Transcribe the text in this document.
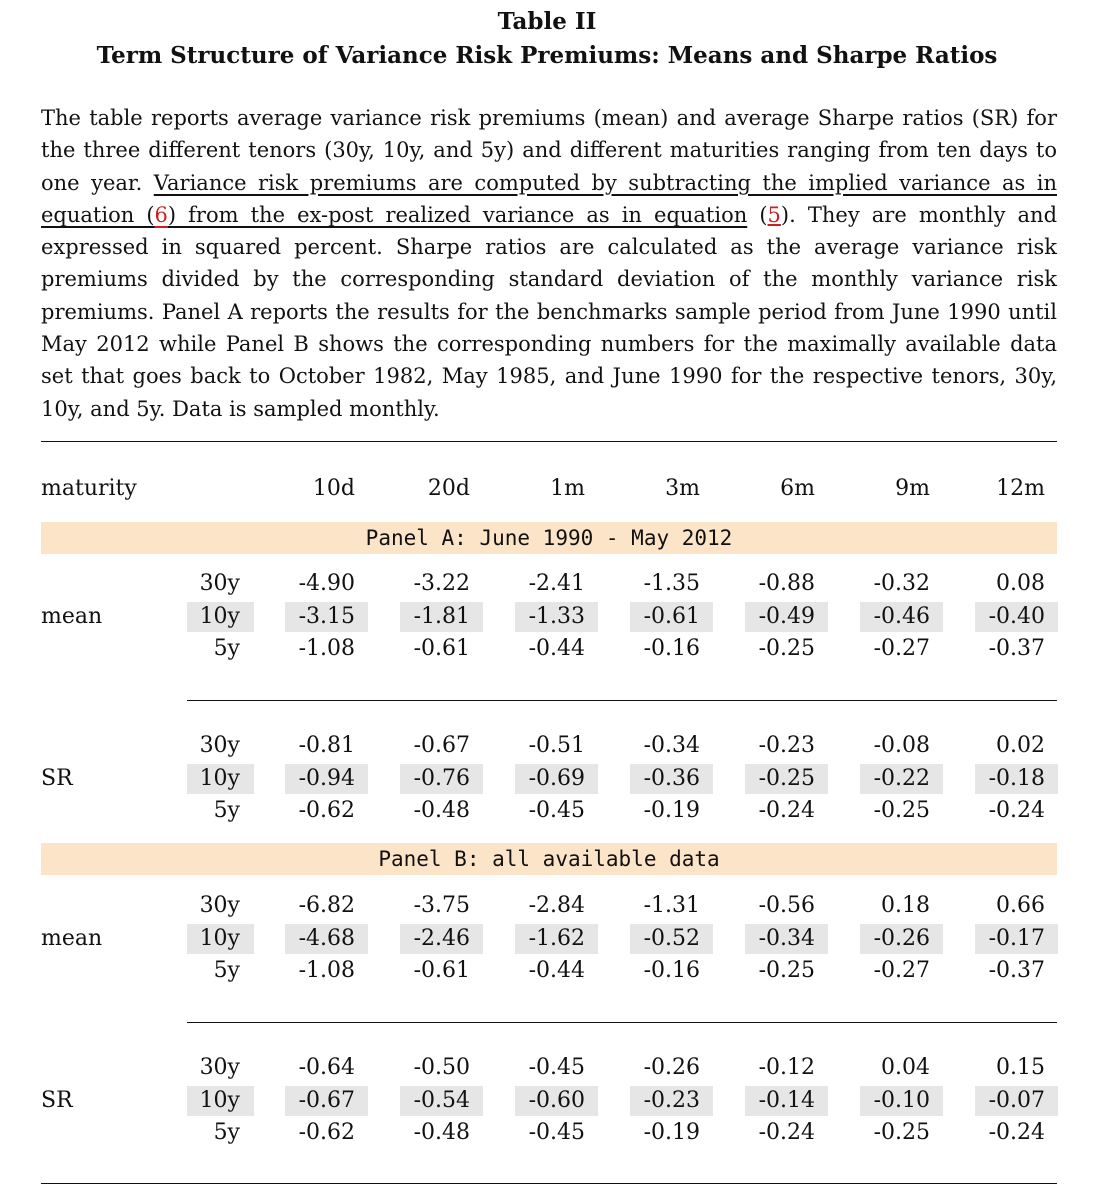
Table II
Term Structure of Variance Risk Premiums: Means and Sharpe Ratios
The table reports average variance risk premiums (mean) and average Sharpe ratios (SR) for the three different tenors (30y, 10y, and 5y) and different maturities ranging from ten days to one year. Variance risk premiums are computed by subtracting the implied variance as in equation (6) from the ex-post realized variance as in equation (5). They are monthly and expressed in squared percent. Sharpe ratios are calculated as the average variance risk premiums divided by the corresponding standard deviation of the monthly variance risk premiums. Panel A reports the results for the benchmarks sample period from June 1990 until May 2012 while Panel B shows the corresponding numbers for the maximally available data set that goes back to October 1982, May 1985, and June 1990 for the respective tenors, 30y, 10y, and 5y. Data is sampled monthly.
maturity	10d	20d	1m	3m	6m	9m	12m
Panel A: June 1990 - May 2012
mean
30y	-4.90	-3.22	-2.41	-1.35	-0.88	-0.32	0.08
10y	-3.15	-1.81	-1.33	-0.61	-0.49	-0.46	-0.40
5y	-1.08	-0.61	-0.44	-0.16	-0.25	-0.27	-0.37
SR
30y	-0.81	-0.67	-0.51	-0.34	-0.23	-0.08	0.02
10y	-0.94	-0.76	-0.69	-0.36	-0.25	-0.22	-0.18
5y	-0.62	-0.48	-0.45	-0.19	-0.24	-0.25	-0.24
Panel B: all available data
mean
30y	-6.82	-3.75	-2.84	-1.31	-0.56	0.18	0.66
10y	-4.68	-2.46	-1.62	-0.52	-0.34	-0.26	-0.17
5y	-1.08	-0.61	-0.44	-0.16	-0.25	-0.27	-0.37
SR
30y	-0.64	-0.50	-0.45	-0.26	-0.12	0.04	0.15
10y	-0.67	-0.54	-0.60	-0.23	-0.14	-0.10	-0.07
5y	-0.62	-0.48	-0.45	-0.19	-0.24	-0.25	-0.24
